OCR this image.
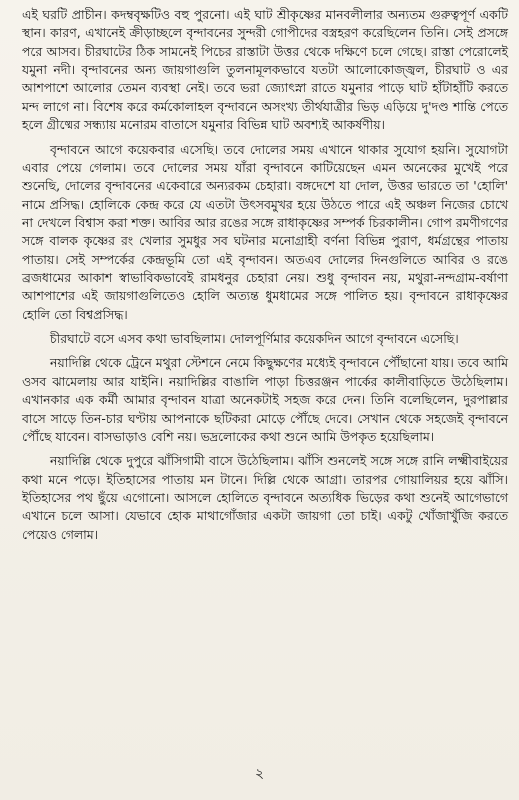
এই ঘরটি প্রাচীন। কদম্ববৃক্ষটিও বহু পুরনো। এই ঘাট শ্রীকৃষ্ণের মানবলীলার অন্যতম গুরুত্বপূর্ণ একটি স্থান। কারণ, এখানেই ক্রীড়াচ্ছলে বৃন্দাবনের সুন্দরী গোপীদের বস্ত্রহরণ করেছিলেন তিনি। সেই প্রসঙ্গে পরে আসব। চীরঘাটের ঠিক সামনেই পিচের রাস্তাটা উত্তর থেকে দক্ষিণে চলে গেছে। রাস্তা পেরোলেই যমুনা নদী। বৃন্দাবনের অন্য জায়গাগুলি তুলনামূলকভাবে যতটা আলোকোজ্জ্বল, চীরঘাট ও এর আশপাশে আলোর তেমন ব্যবস্থা নেই। তবে ভরা জ্যোৎস্না রাতে যমুনার পাড়ে ঘাট হাঁটাহাঁটি করতে মন্দ লাগে না। বিশেষ করে কর্মকোলাহল বৃন্দাবনে অসংখ্য তীর্থযাত্রীর ভিড় এড়িয়ে দু'দণ্ড শান্তি পেতে হলে গ্রীষ্মের সন্ধ্যায় মনোরম বাতাসে যমুনার বিভিন্ন ঘাট অবশ্যই আকর্ষণীয়।

বৃন্দাবনে আগে কয়েকবার এসেছি। তবে দোলের সময় এখানে থাকার সুযোগ হয়নি। সুযোগটা এবার পেয়ে গেলাম। তবে দোলের সময় যাঁরা বৃন্দাবনে কাটিয়েছেন এমন অনেকের মুখেই পরে শুনেছি, দোলের বৃন্দাবনের একেবারে অন্যরকম চেহারা। বঙ্গদেশে যা দোল, উত্তর ভারতে তা 'হোলি' নামে প্রসিদ্ধ। হোলিকে কেন্দ্র করে যে এতটা উৎসবমুখর হয়ে উঠতে পারে এই অঞ্চল নিজের চোখে না দেখলে বিশ্বাস করা শক্ত। আবির আর রঙের সঙ্গে রাধাকৃষ্ণের সম্পর্ক চিরকালীন। গোপ রমণীগণের সঙ্গে বালক কৃষ্ণের রং খেলার সুমধুর সব ঘটনার মনোগ্রাহী বর্ণনা বিভিন্ন পুরাণ, ধর্মগ্রন্থের পাতায় পাতায়। সেই সম্পর্কের কেন্দ্রভূমি তো এই বৃন্দাবন। অতএব দোলের দিনগুলিতে আবির ও রঙে ব্রজধামের আকাশ স্বাভাবিকভাবেই রামধনুর চেহারা নেয়। শুধু বৃন্দাবন নয়, মথুরা-নন্দগ্রাম-বর্ষাণা আশপাশের এই জায়গাগুলিতেও হোলি অত্যন্ত ধুমধামের সঙ্গে পালিত হয়। বৃন্দাবনে রাধাকৃষ্ণের হোলি তো বিশ্বপ্রসিদ্ধ।

চীরঘাটে বসে এসব কথা ভাবছিলাম। দোলপূর্ণিমার কয়েকদিন আগে বৃন্দাবনে এসেছি।

নয়াদিল্লি থেকে ট্রেনে মথুরা স্টেশনে নেমে কিছুক্ষণের মধ্যেই বৃন্দাবনে পৌঁছানো যায়। তবে আমি ওসব ঝামেলায় আর যাইনি। নয়াদিল্লির বাঙালি পাড়া চিত্তরঞ্জন পার্কের কালীবাড়িতে উঠেছিলাম। এখানকার এক কর্মী আমার বৃন্দাবন যাত্রা অনেকটাই সহজ করে দেন। তিনি বলেছিলেন, দুরপাল্লার বাসে সাড়ে তিন-চার ঘণ্টায় আপনাকে ছটিকরা মোড়ে পৌঁছে দেবে। সেখান থেকে সহজেই বৃন্দাবনে পৌঁছে যাবেন। বাসভাড়াও বেশি নয়। ভদ্রলোকের কথা শুনে আমি উপকৃত হয়েছিলাম।

নয়াদিল্লি থেকে দুপুরে ঝাঁসিগামী বাসে উঠেছিলাম। ঝাঁসি শুনলেই সঙ্গে সঙ্গে রানি লক্ষ্মীবাইয়ের কথা মনে পড়ে। ইতিহাসের পাতায় মন টানে। দিল্লি থেকে আগ্রা। তারপর গোয়ালিয়র হয়ে ঝাঁসি। ইতিহাসের পথ ছুঁয়ে এগোনো। আসলে হোলিতে বৃন্দাবনে অত্যধিক ভিড়ের কথা শুনেই আগেভাগে এখানে চলে আসা। যেভাবে হোক মাথাগোঁজার একটা জায়গা তো চাই। একটু খোঁজাখুঁজি করতে পেয়েও গেলাম।

২
